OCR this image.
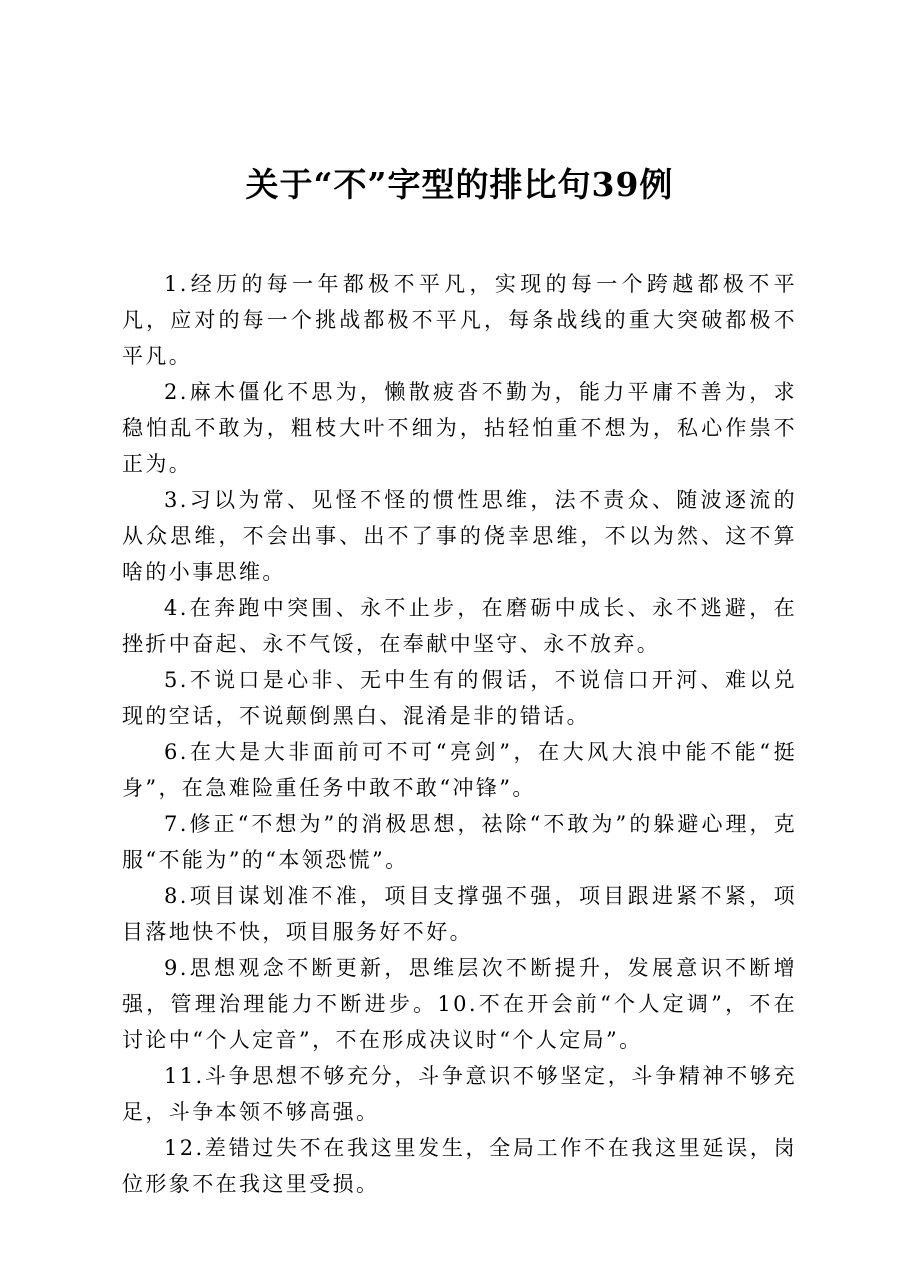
关于“不”字型的排比句39例

1.经历的每一年都极不平凡，实现的每一个跨越都极不平凡，应对的每一个挑战都极不平凡，每条战线的重大突破都极不平凡。

2.麻木僵化不思为，懒散疲沓不勤为，能力平庸不善为，求稳怕乱不敢为，粗枝大叶不细为，拈轻怕重不想为，私心作祟不正为。

3.习以为常、见怪不怪的惯性思维，法不责众、随波逐流的从众思维，不会出事、出不了事的侥幸思维，不以为然、这不算啥的小事思维。

4.在奔跑中突围、永不止步，在磨砺中成长、永不逃避，在挫折中奋起、永不气馁，在奉献中坚守、永不放弃。

5.不说口是心非、无中生有的假话，不说信口开河、难以兑现的空话，不说颠倒黑白、混淆是非的错话。

6.在大是大非面前可不可“亮剑”，在大风大浪中能不能“挺身”，在急难险重任务中敢不敢“冲锋”。

7.修正“不想为”的消极思想，祛除“不敢为”的躲避心理，克服“不能为”的“本领恐慌”。

8.项目谋划准不准，项目支撑强不强，项目跟进紧不紧，项目落地快不快，项目服务好不好。

9.思想观念不断更新，思维层次不断提升，发展意识不断增强，管理治理能力不断进步。10.不在开会前“个人定调”，不在讨论中“个人定音”，不在形成决议时“个人定局”。

11.斗争思想不够充分，斗争意识不够坚定，斗争精神不够充足，斗争本领不够高强。

12.差错过失不在我这里发生，全局工作不在我这里延误，岗位形象不在我这里受损。
